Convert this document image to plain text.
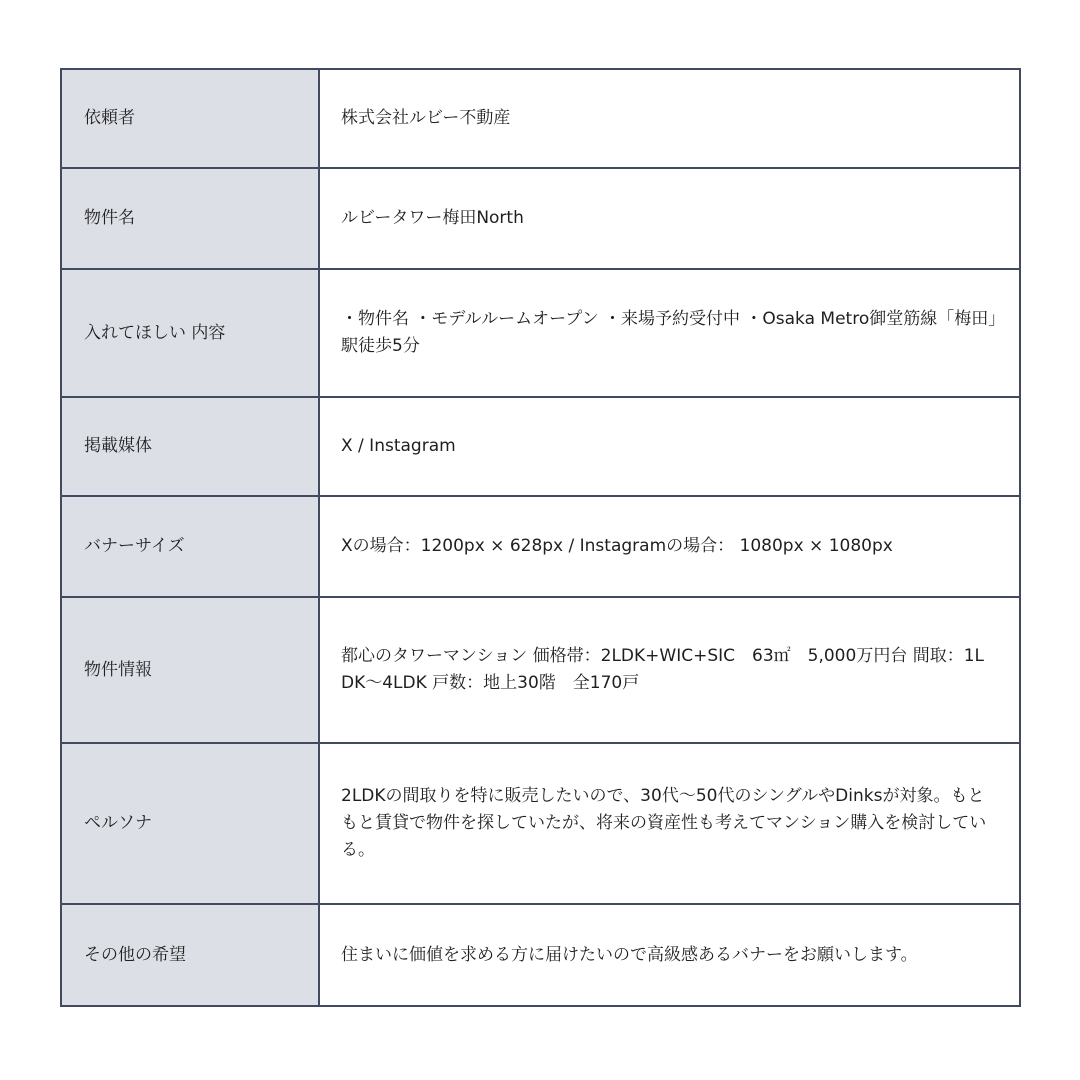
依頼者	株式会社ルビー不動産
物件名	ルビータワー梅田North
入れてほしい 内容	・物件名 ・モデルルームオープン ・来場予約受付中 ・Osaka Metro御堂筋線「梅田」駅徒歩5分
掲載媒体	X / Instagram
バナーサイズ	Xの場合：1200px × 628px / Instagramの場合： 1080px × 1080px
物件情報	都心のタワーマンション 価格帯：2LDK+WIC+SIC　63㎡　5,000万円台 間取：1LDK〜4LDK 戸数：地上30階　全170戸
ペルソナ	2LDKの間取りを特に販売したいので、30代〜50代のシングルやDinksが対象。もともと賃貸で物件を探していたが、将来の資産性も考えてマンション購入を検討している。
その他の希望	住まいに価値を求める方に届けたいので高級感あるバナーをお願いします。
